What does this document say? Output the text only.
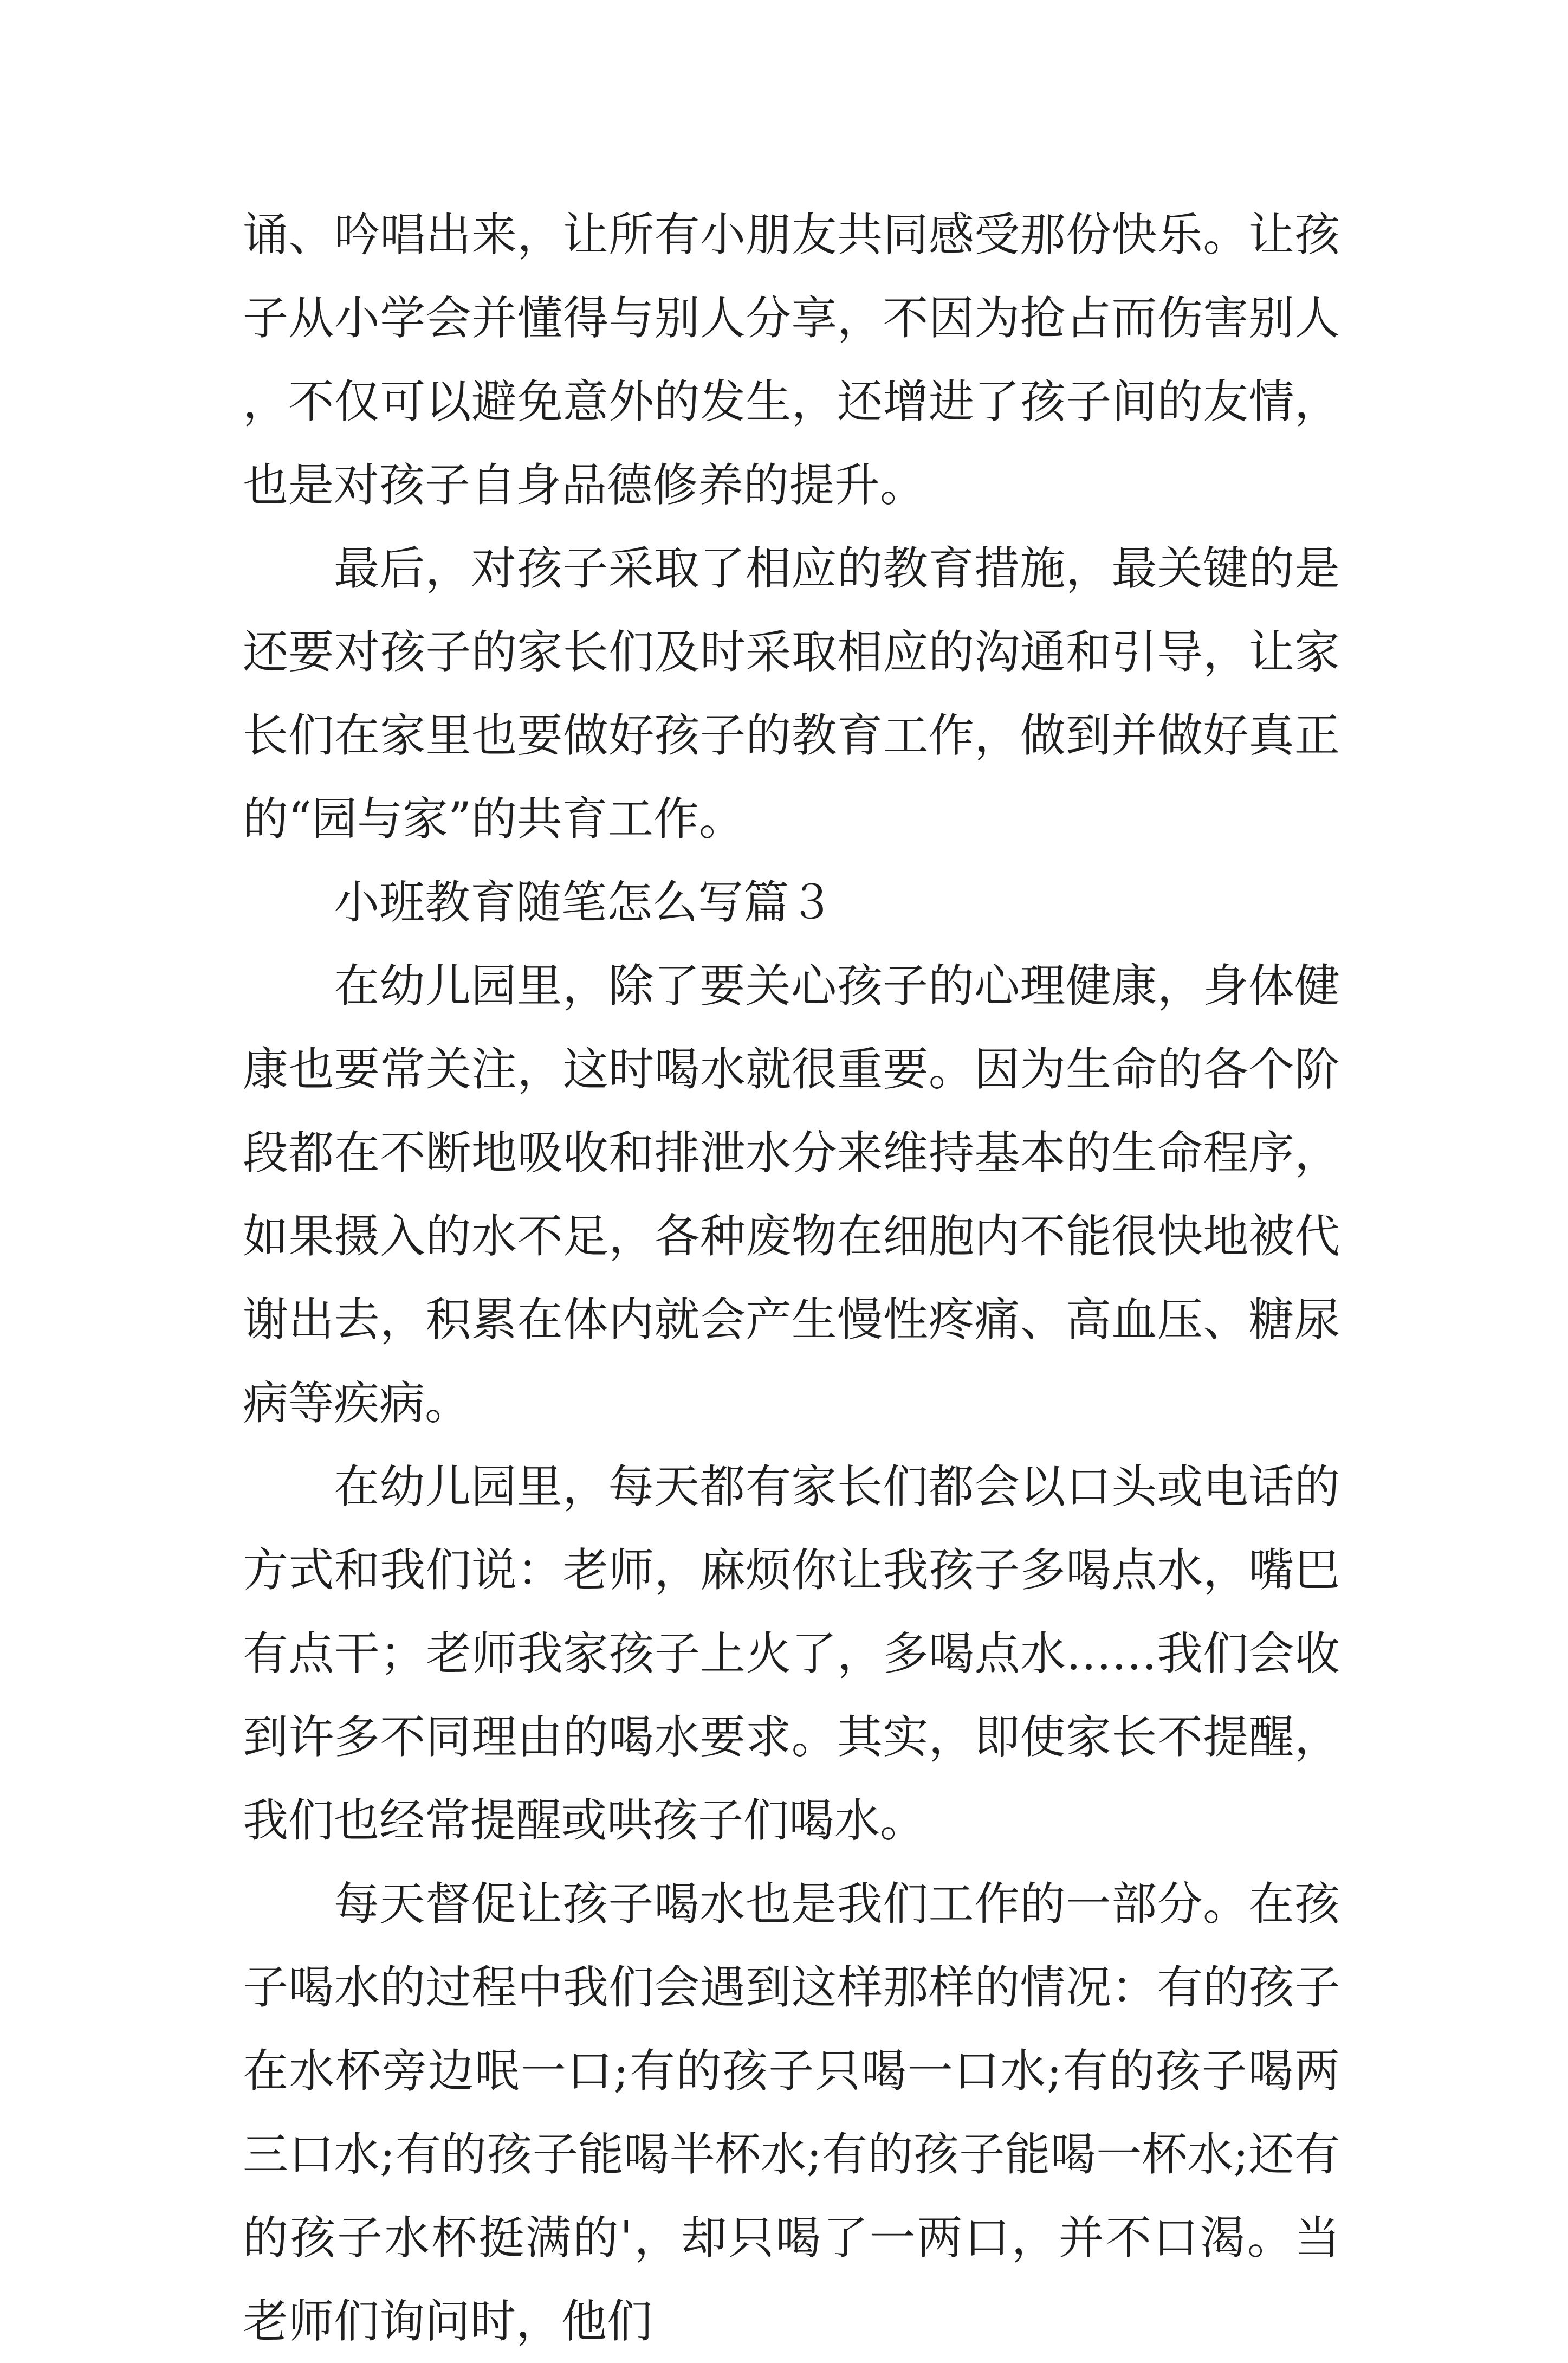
诵、吟唱出来，让所有小朋友共同感受那份快乐。让孩子从小学会并懂得与别人分享，不因为抢占而伤害别人，不仅可以避免意外的发生，还增进了孩子间的友情，也是对孩子自身品德修养的提升。

最后，对孩子采取了相应的教育措施，最关键的是还要对孩子的家长们及时采取相应的沟通和引导，让家长们在家里也要做好孩子的教育工作，做到并做好真正的“园与家”的共育工作。

小班教育随笔怎么写篇３

在幼儿园里，除了要关心孩子的心理健康，身体健康也要常关注，这时喝水就很重要。因为生命的各个阶段都在不断地吸收和排泄水分来维持基本的生命程序，如果摄入的水不足，各种废物在细胞内不能很快地被代谢出去，积累在体内就会产生慢性疼痛、高血压、糖尿病等疾病。

在幼儿园里，每天都有家长们都会以口头或电话的方式和我们说：老师，麻烦你让我孩子多喝点水，嘴巴有点干；老师我家孩子上火了，多喝点水……我们会收到许多不同理由的喝水要求。其实，即使家长不提醒，我们也经常提醒或哄孩子们喝水。

每天督促让孩子喝水也是我们工作的一部分。在孩子喝水的过程中我们会遇到这样那样的情况：有的孩子在水杯旁边呡一口;有的孩子只喝一口水;有的孩子喝两三口水;有的孩子能喝半杯水;有的孩子能喝一杯水;还有的孩子水杯挺满的'，却只喝了一两口，并不口渴。当老师们询问时，他们
